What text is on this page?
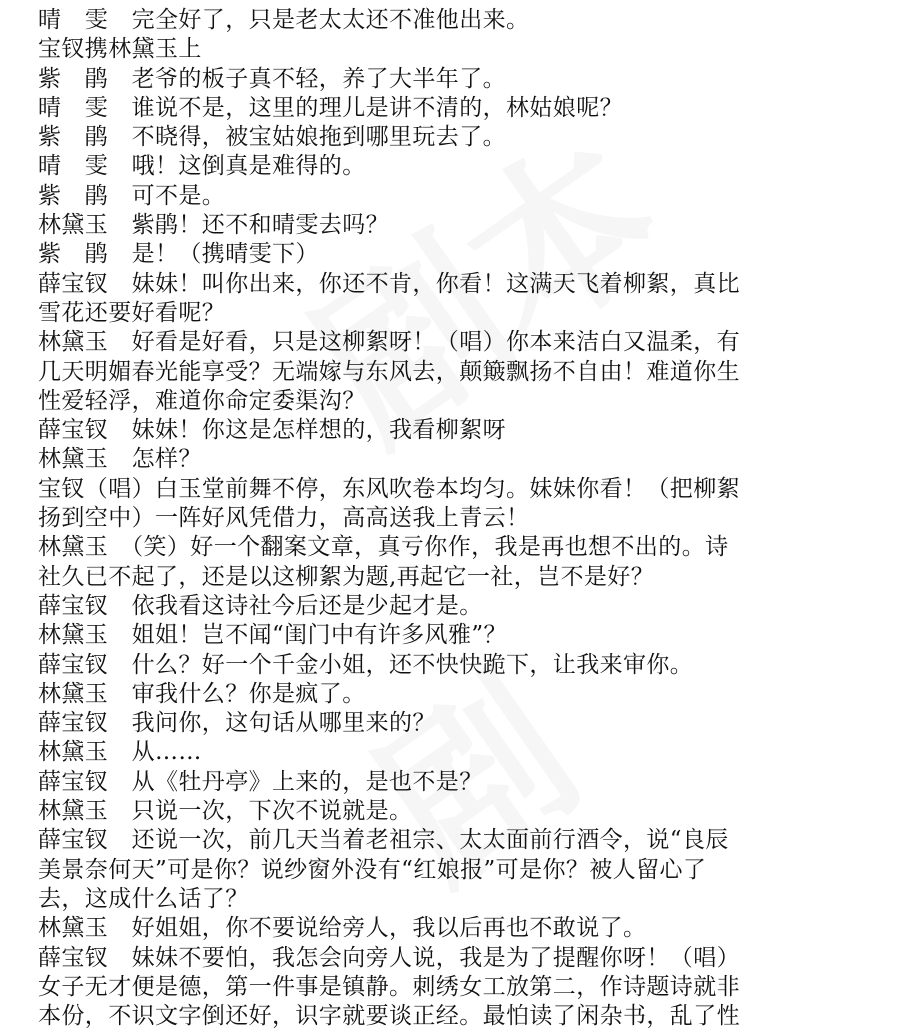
晴　雯　完全好了，只是老太太还不准他出来。
宝钗携林黛玉上
紫　鹃　老爷的板子真不轻，养了大半年了。
晴　雯　谁说不是，这里的理儿是讲不清的，林姑娘呢？
紫　鹃　不晓得，被宝姑娘拖到哪里玩去了。
晴　雯　哦！这倒真是难得的。
紫　鹃　可不是。
林黛玉　紫鹃！还不和晴雯去吗？
紫　鹃　是！（携晴雯下）
薛宝钗　妹妹！叫你出来，你还不肯，你看！这满天飞着柳絮，真比
雪花还要好看呢？
林黛玉　好看是好看，只是这柳絮呀！（唱）你本来洁白又温柔，有
几天明媚春光能享受？无端嫁与东风去，颠簸飘扬不自由！难道你生
性爱轻浮，难道你命定委渠沟？
薛宝钗　妹妹！你这是怎样想的，我看柳絮呀
林黛玉　怎样？
宝钗（唱）白玉堂前舞不停，东风吹卷本均匀。妹妹你看！（把柳絮
扬到空中）一阵好风凭借力，高高送我上青云！
林黛玉　（笑）好一个翻案文章，真亏你作，我是再也想不出的。诗
社久已不起了，还是以这柳絮为题,再起它一社，岂不是好？
薛宝钗　依我看这诗社今后还是少起才是。
林黛玉　姐姐！岂不闻“闺门中有许多风雅”？
薛宝钗　什么？好一个千金小姐，还不快快跪下，让我来审你。
林黛玉　审我什么？你是疯了。
薛宝钗　我问你，这句话从哪里来的？
林黛玉　从……
薛宝钗　从《牡丹亭》上来的，是也不是？
林黛玉　只说一次，下次不说就是。
薛宝钗　还说一次，前几天当着老祖宗、太太面前行酒令，说“良辰
美景奈何天”可是你？说纱窗外没有“红娘报”可是你？被人留心了
去，这成什么话了？
林黛玉　好姐姐，你不要说给旁人，我以后再也不敢说了。
薛宝钗　妹妹不要怕，我怎会向旁人说，我是为了提醒你呀！（唱）
女子无才便是德，第一件事是镇静。刺绣女工放第二，作诗题诗就非
本份，不识文字倒还好，识字就要谈正经。最怕读了闲杂书，乱了性
